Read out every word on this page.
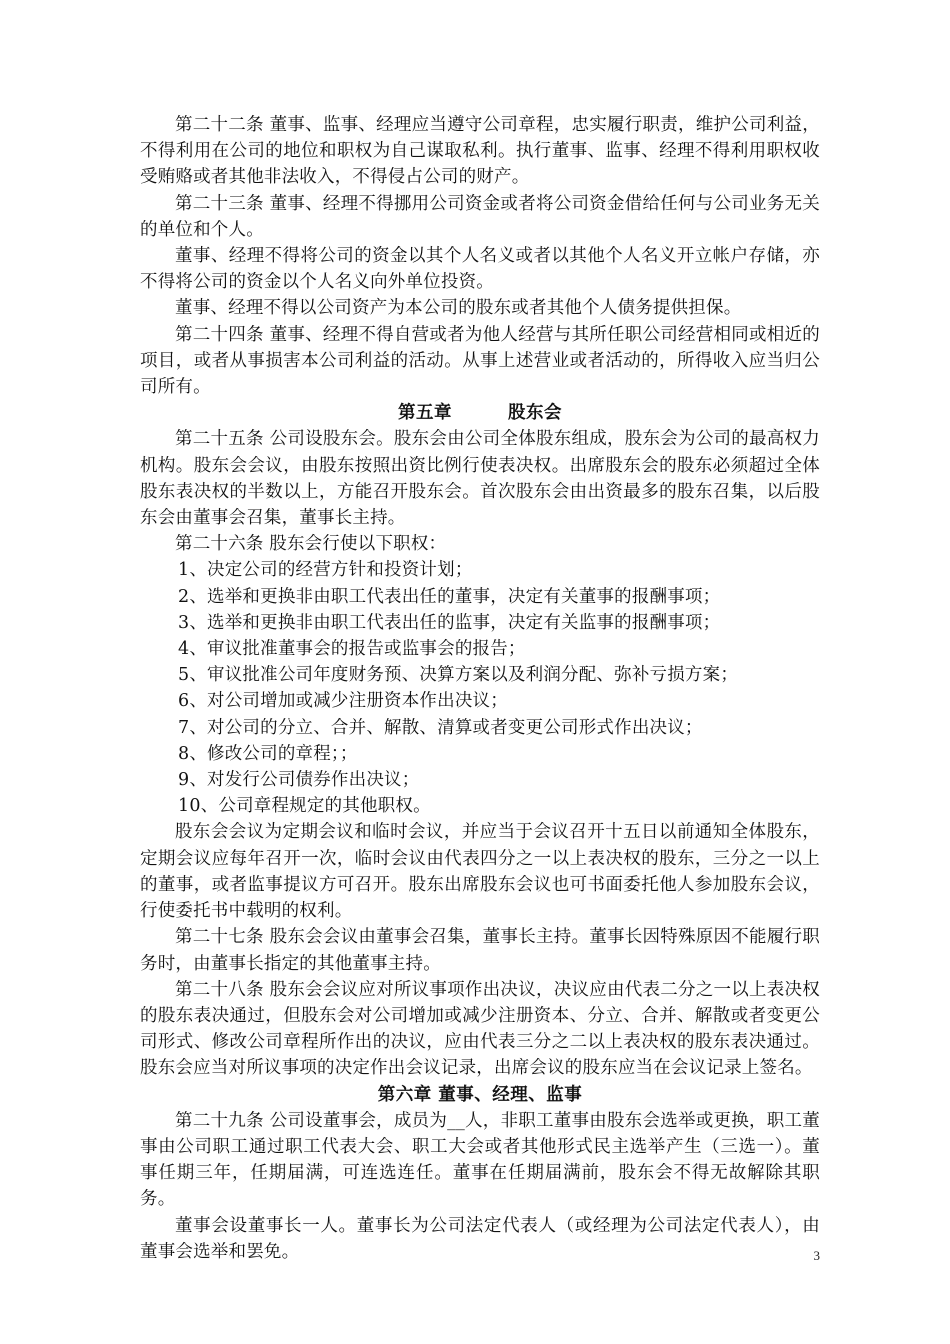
第二十二条 董事、监事、经理应当遵守公司章程，忠实履行职责，维护公司利益，不得利用在公司的地位和职权为自己谋取私利。执行董事、监事、经理不得利用职权收受贿赂或者其他非法收入，不得侵占公司的财产。

第二十三条 董事、经理不得挪用公司资金或者将公司资金借给任何与公司业务无关的单位和个人。

董事、经理不得将公司的资金以其个人名义或者以其他个人名义开立帐户存储，亦不得将公司的资金以个人名义向外单位投资。

董事、经理不得以公司资产为本公司的股东或者其他个人债务提供担保。

第二十四条 董事、经理不得自营或者为他人经营与其所任职公司经营相同或相近的项目，或者从事损害本公司利益的活动。从事上述营业或者活动的，所得收入应当归公司所有。

第五章	股东会

第二十五条 公司设股东会。股东会由公司全体股东组成，股东会为公司的最高权力机构。股东会会议，由股东按照出资比例行使表决权。出席股东会的股东必须超过全体股东表决权的半数以上，方能召开股东会。首次股东会由出资最多的股东召集，以后股东会由董事会召集，董事长主持。

第二十六条 股东会行使以下职权：

1、决定公司的经营方针和投资计划；

2、选举和更换非由职工代表出任的董事，决定有关董事的报酬事项；

3、选举和更换非由职工代表出任的监事，决定有关监事的报酬事项；

4、审议批准董事会的报告或监事会的报告；

5、审议批准公司年度财务预、决算方案以及利润分配、弥补亏损方案；

6、对公司增加或减少注册资本作出决议；

7、对公司的分立、合并、解散、清算或者变更公司形式作出决议；

8、修改公司的章程；；

9、对发行公司债券作出决议；

10、公司章程规定的其他职权。

股东会会议为定期会议和临时会议，并应当于会议召开十五日以前通知全体股东，定期会议应每年召开一次，临时会议由代表四分之一以上表决权的股东，三分之一以上的董事，或者监事提议方可召开。股东出席股东会议也可书面委托他人参加股东会议，行使委托书中载明的权利。

第二十七条 股东会会议由董事会召集，董事长主持。董事长因特殊原因不能履行职务时，由董事长指定的其他董事主持。

第二十八条 股东会会议应对所议事项作出决议，决议应由代表二分之一以上表决权的股东表决通过，但股东会对公司增加或减少注册资本、分立、合并、解散或者变更公司形式、修改公司章程所作出的决议，应由代表三分之二以上表决权的股东表决通过。股东会应当对所议事项的决定作出会议记录，出席会议的股东应当在会议记录上签名。

第六章 董事、经理、监事

第二十九条 公司设董事会，成员为__人，非职工董事由股东会选举或更换，职工董事由公司职工通过职工代表大会、职工大会或者其他形式民主选举产生（三选一）。董事任期三年，任期届满，可连选连任。董事在任期届满前，股东会不得无故解除其职务。

董事会设董事长一人。董事长为公司法定代表人（或经理为公司法定代表人），由董事会选举和罢免。	3
